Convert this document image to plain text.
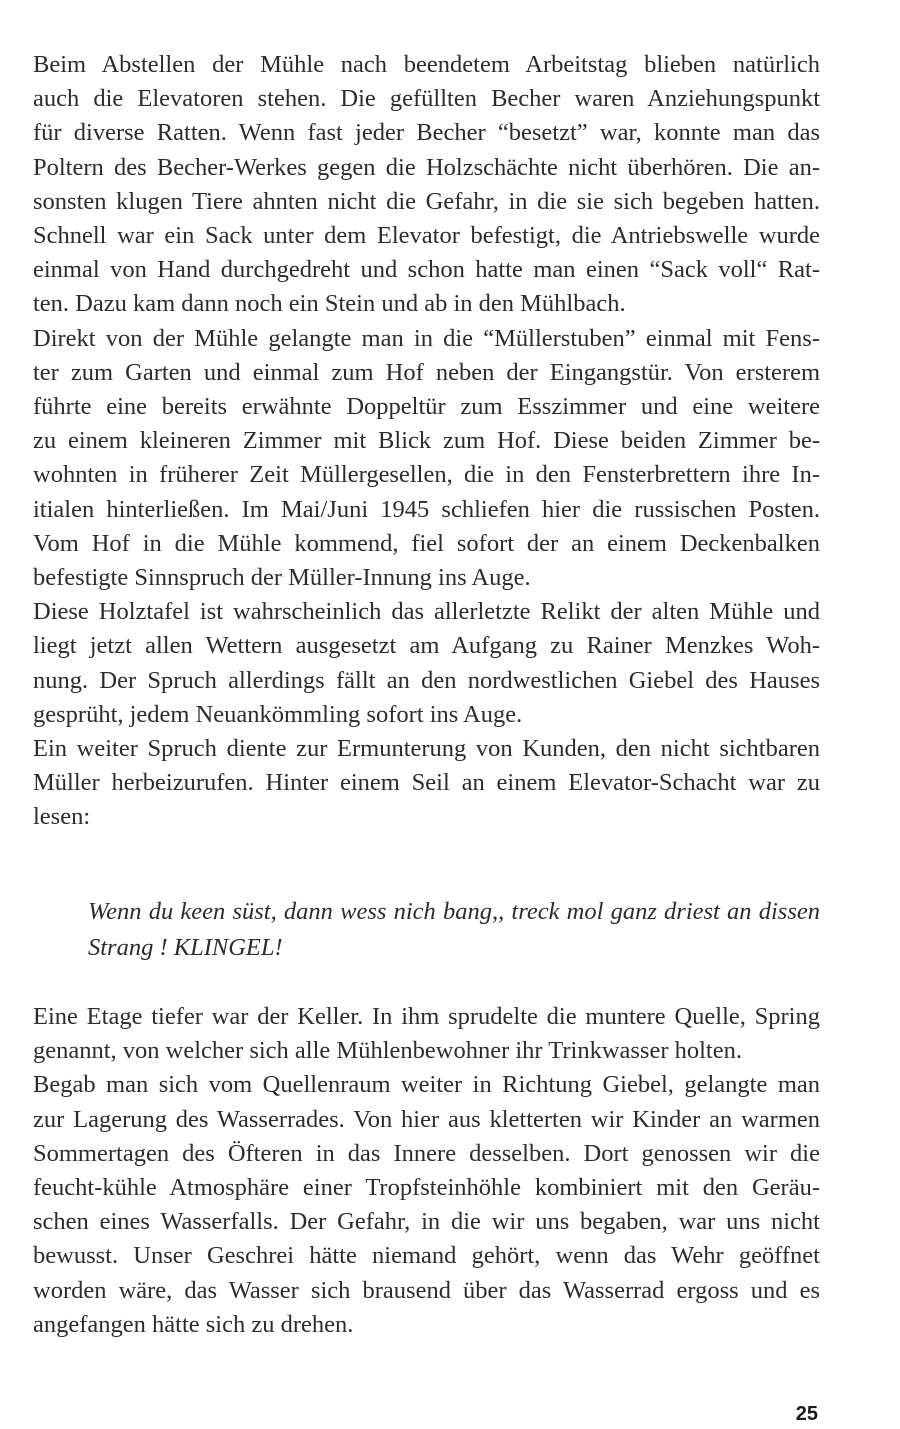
Beim Abstellen der Mühle nach beendetem Arbeitstag blieben natürlich
auch die Elevatoren stehen. Die gefüllten Becher waren Anziehungspunkt
für diverse Ratten. Wenn fast jeder Becher “besetzt” war, konnte man das
Poltern des Becher-Werkes gegen die Holzschächte nicht überhören. Die an-
sonsten klugen Tiere ahnten nicht die Gefahr, in die sie sich begeben hatten.
Schnell war ein Sack unter dem Elevator befestigt, die Antriebswelle wurde
einmal von Hand durchgedreht und schon hatte man einen “Sack voll“ Rat-
ten. Dazu kam dann noch ein Stein und ab in den Mühlbach.

Direkt von der Mühle gelangte man in die “Müllerstuben” einmal mit Fens-
ter zum Garten und einmal zum Hof neben der Eingangstür. Von ersterem
führte eine bereits erwähnte Doppeltür zum Esszimmer und eine weitere
zu einem kleineren Zimmer mit Blick zum Hof. Diese beiden Zimmer be-
wohnten in früherer Zeit Müllergesellen, die in den Fensterbrettern ihre In-
itialen hinterließen. Im Mai/Juni 1945 schliefen hier die russischen Posten.
Vom Hof in die Mühle kommend, fiel sofort der an einem Deckenbalken
befestigte Sinnspruch der Müller-Innung ins Auge.

Diese Holztafel ist wahrscheinlich das allerletzte Relikt der alten Mühle und
liegt jetzt allen Wettern ausgesetzt am Aufgang zu Rainer Menzkes Woh-
nung. Der Spruch allerdings fällt an den nordwestlichen Giebel des Hauses
gesprüht, jedem Neuankömmling sofort ins Auge.

Ein weiter Spruch diente zur Ermunterung von Kunden, den nicht sichtbaren
Müller herbeizurufen. Hinter einem Seil an einem Elevator-Schacht war zu
lesen:

Wenn du keen süst, dann wess nich bang,, treck mol ganz driest an dissen
Strang ! KLINGEL!

Eine Etage tiefer war der Keller. In ihm sprudelte die muntere Quelle, Spring
genannt, von welcher sich alle Mühlenbewohner ihr Trinkwasser holten.

Begab man sich vom Quellenraum weiter in Richtung Giebel, gelangte man
zur Lagerung des Wasserrades. Von hier aus kletterten wir Kinder an warmen
Sommertagen des Öfteren in das Innere desselben. Dort genossen wir die
feucht-kühle Atmosphäre einer Tropfsteinhöhle kombiniert mit den Geräu-
schen eines Wasserfalls. Der Gefahr, in die wir uns begaben, war uns nicht
bewusst. Unser Geschrei hätte niemand gehört, wenn das Wehr geöffnet
worden wäre, das Wasser sich brausend über das Wasserrad ergoss und es
angefangen hätte sich zu drehen.

25
